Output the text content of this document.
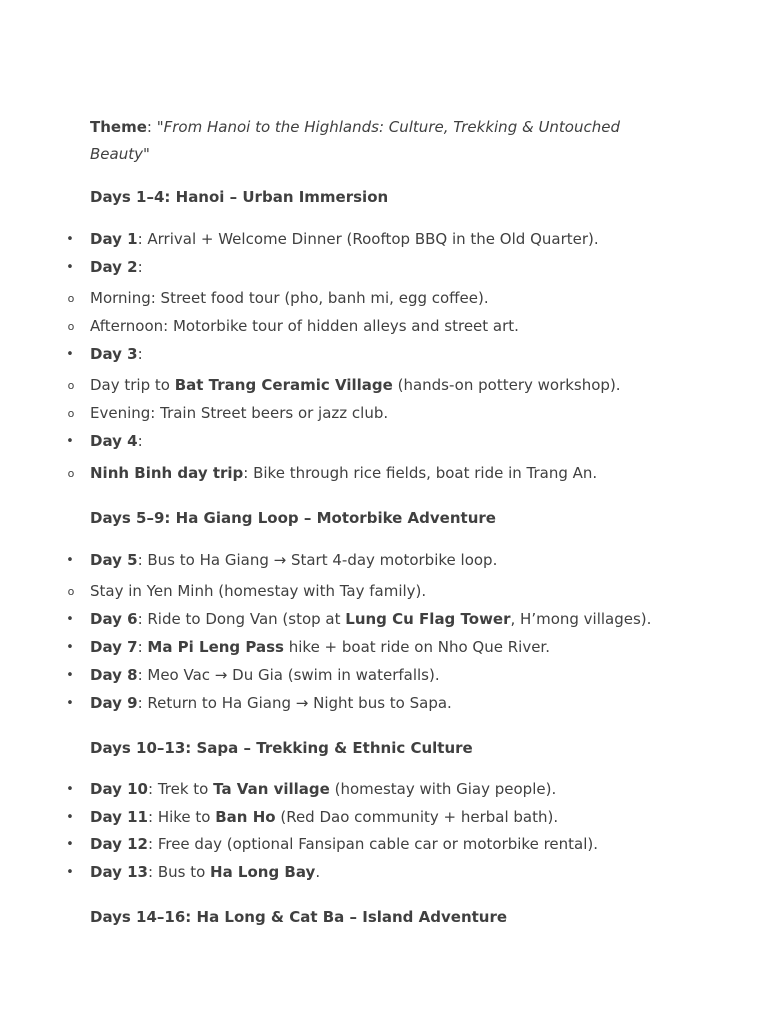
Theme: "From Hanoi to the Highlands: Culture, Trekking & Untouched Beauty"

Days 1–4: Hanoi – Urban Immersion

• Day 1: Arrival + Welcome Dinner (Rooftop BBQ in the Old Quarter).

• Day 2:

o Morning: Street food tour (pho, banh mi, egg coffee).

o Afternoon: Motorbike tour of hidden alleys and street art.

• Day 3:

o Day trip to Bat Trang Ceramic Village (hands-on pottery workshop).

o Evening: Train Street beers or jazz club.

• Day 4:

o Ninh Binh day trip: Bike through rice fields, boat ride in Trang An.

Days 5–9: Ha Giang Loop – Motorbike Adventure

• Day 5: Bus to Ha Giang → Start 4-day motorbike loop.

o Stay in Yen Minh (homestay with Tay family).

• Day 6: Ride to Dong Van (stop at Lung Cu Flag Tower, H’mong villages).

• Day 7: Ma Pi Leng Pass hike + boat ride on Nho Que River.

• Day 8: Meo Vac → Du Gia (swim in waterfalls).

• Day 9: Return to Ha Giang → Night bus to Sapa.

Days 10–13: Sapa – Trekking & Ethnic Culture

• Day 10: Trek to Ta Van village (homestay with Giay people).

• Day 11: Hike to Ban Ho (Red Dao community + herbal bath).

• Day 12: Free day (optional Fansipan cable car or motorbike rental).

• Day 13: Bus to Ha Long Bay.

Days 14–16: Ha Long & Cat Ba – Island Adventure
